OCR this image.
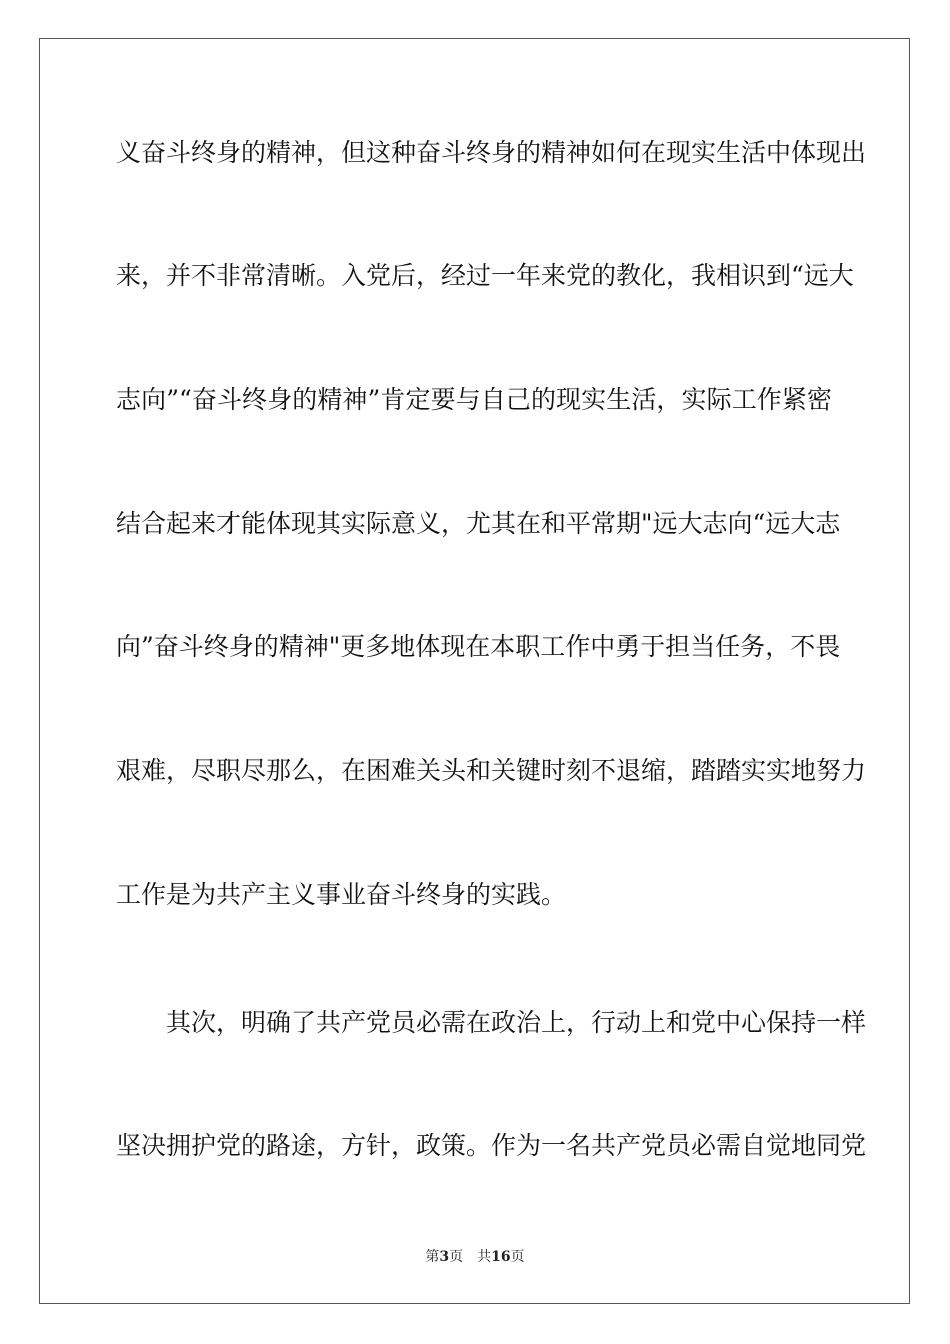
义奋斗终身的精神，但这种奋斗终身的精神如何在现实生活中体现出
来，并不非常清晰。入党后，经过一年来党的教化，我相识到“远大
志向”“奋斗终身的精神”肯定要与自己的现实生活，实际工作紧密
结合起来才能体现其实际意义，尤其在和平常期"远大志向“远大志
向”奋斗终身的精神"更多地体现在本职工作中勇于担当任务，不畏
艰难，尽职尽那么，在困难关头和关键时刻不退缩，踏踏实实地努力
工作是为共产主义事业奋斗终身的实践。
其次，明确了共产党员必需在政治上，行动上和党中心保持一样
坚决拥护党的路途，方针，政策。作为一名共产党员必需自觉地同党
第3页 共16页
